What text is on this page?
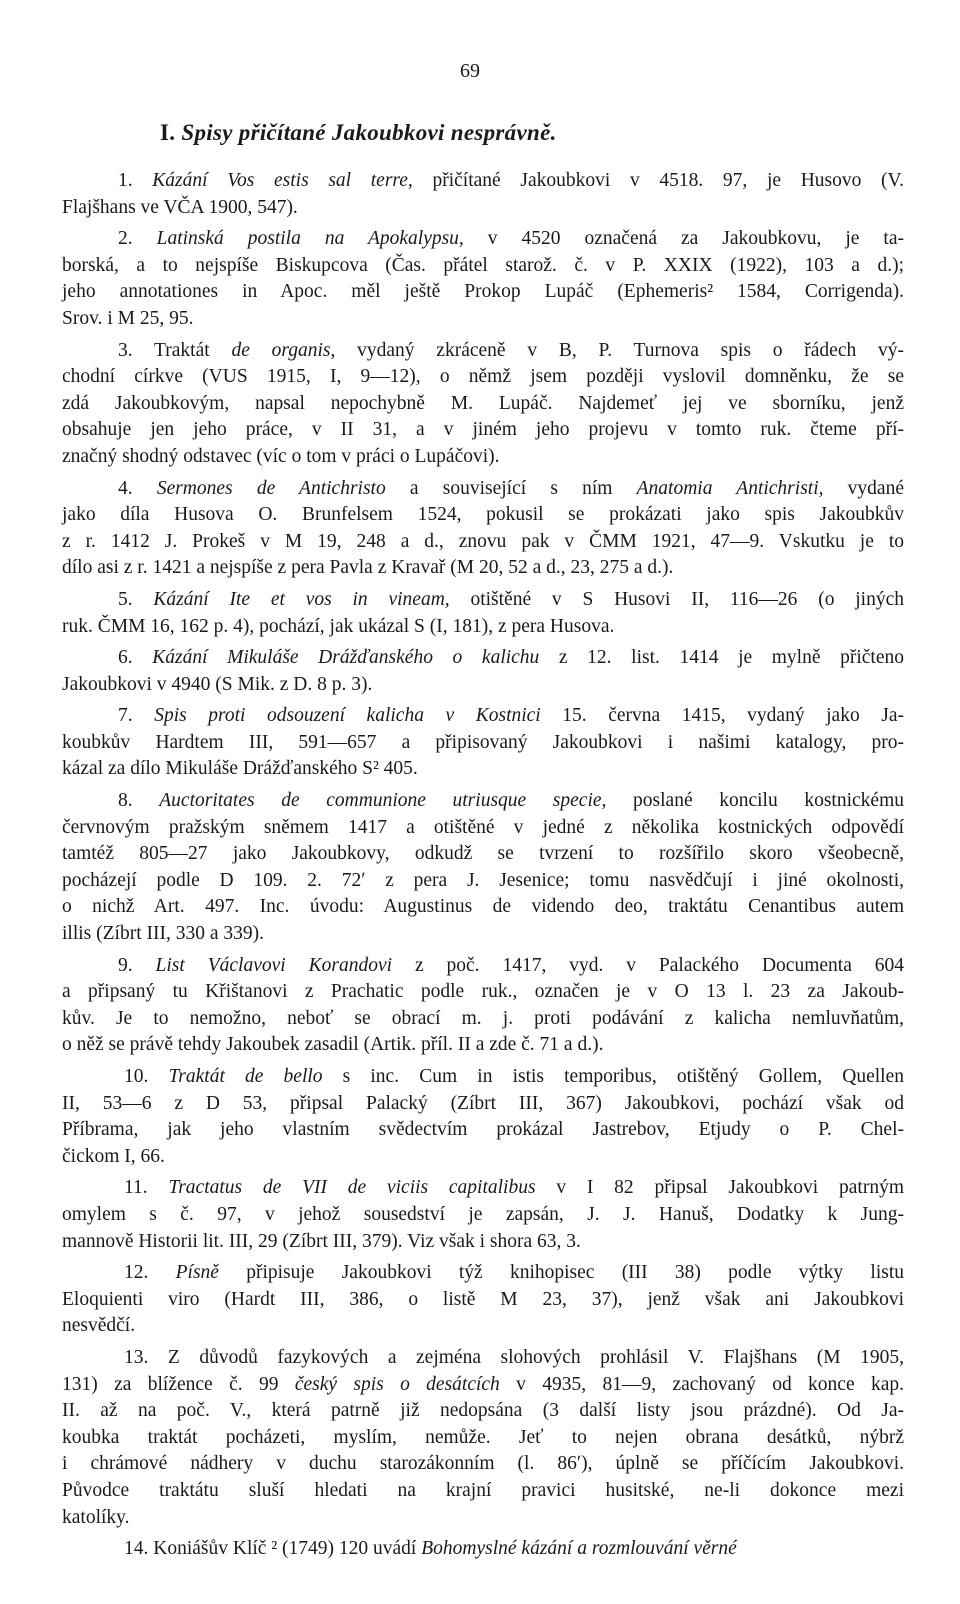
69
I. Spisy přičítané Jakoubkovi nesprávně.
1. Kázání Vos estis sal terre, přičítané Jakoubkovi v 4518. 97, je Husovo (V.
Flajšhans ve VČA 1900, 547).
2. Latinská postila na Apokalypsu, v 4520 označená za Jakoubkovu, je ta-
borská, a to nejspíše Biskupcova (Čas. přátel starož. č. v P. XXIX (1922), 103 a d.);
jeho annotationes in Apoc. měl ještě Prokop Lupáč (Ephemeris² 1584, Corrigenda).
Srov. i M 25, 95.
3. Traktát de organis, vydaný zkráceně v B, P. Turnova spis o řádech vý-
chodní církve (VUS 1915, I, 9—12), o němž jsem později vyslovil domněnku, že se
zdá Jakoubkovým, napsal nepochybně M. Lupáč. Najdemeť jej ve sborníku, jenž
obsahuje jen jeho práce, v II 31, a v jiném jeho projevu v tomto ruk. čteme pří-
značný shodný odstavec (víc o tom v práci o Lupáčovi).
4. Sermones de Antichristo a související s ním Anatomia Antichristi, vydané
jako díla Husova O. Brunfelsem 1524, pokusil se prokázati jako spis Jakoubkův
z r. 1412 J. Prokeš v M 19, 248 a d., znovu pak v ČMM 1921, 47—9. Vskutku je to
dílo asi z r. 1421 a nejspíše z pera Pavla z Kravař (M 20, 52 a d., 23, 275 a d.).
5. Kázání Ite et vos in vineam, otištěné v S Husovi II, 116—26 (o jiných
ruk. ČMM 16, 162 p. 4), pochází, jak ukázal S (I, 181), z pera Husova.
6. Kázání Mikuláše Drážďanského o kalichu z 12. list. 1414 je mylně přičteno
Jakoubkovi v 4940 (S Mik. z D. 8 p. 3).
7. Spis proti odsouzení kalicha v Kostnici 15. června 1415, vydaný jako Ja-
koubkův Hardtem III, 591—657 a připisovaný Jakoubkovi i našimi katalogy, pro-
kázal za dílo Mikuláše Drážďanského S² 405.
8. Auctoritates de communione utriusque specie, poslané koncilu kostnickému
červnovým pražským sněmem 1417 a otištěné v jedné z několika kostnických odpovědí
tamtéž 805—27 jako Jakoubkovy, odkudž se tvrzení to rozšířilo skoro všeobecně,
pocházejí podle D 109. 2. 72ʹ z pera J. Jesenice; tomu nasvědčují i jiné okolnosti,
o nichž Art. 497. Inc. úvodu: Augustinus de videndo deo, traktátu Cenantibus autem
illis (Zíbrt III, 330 a 339).
9. List Václavovi Korandovi z poč. 1417, vyd. v Palackého Documenta 604
a připsaný tu Křištanovi z Prachatic podle ruk., označen je v O 13 l. 23 za Jakoub-
kův. Je to nemožno, neboť se obrací m. j. proti podávání z kalicha nemluvňatům,
o něž se právě tehdy Jakoubek zasadil (Artik. příl. II a zde č. 71 a d.).
10. Traktát de bello s inc. Cum in istis temporibus, otištěný Gollem, Quellen
II, 53—6 z D 53, připsal Palacký (Zíbrt III, 367) Jakoubkovi, pochází však od
Příbrama, jak jeho vlastním svědectvím prokázal Jastrebov, Etjudy o P. Chel-
čickom I, 66.
11. Tractatus de VII de viciis capitalibus v I 82 připsal Jakoubkovi patrným
omylem s č. 97, v jehož sousedství je zapsán, J. J. Hanuš, Dodatky k Jung-
mannově Historii lit. III, 29 (Zíbrt III, 379). Viz však i shora 63, 3.
12. Písně připisuje Jakoubkovi týž knihopisec (III 38) podle výtky listu
Eloquienti viro (Hardt III, 386, o listě M 23, 37), jenž však ani Jakoubkovi
nesvědčí.
13. Z důvodů fazykových a zejména slohových prohlásil V. Flajšhans (M 1905,
131) za blížence č. 99 český spis o desátcích v 4935, 81—9, zachovaný od konce kap.
II. až na poč. V., která patrně již nedopsána (3 další listy jsou prázdné). Od Ja-
koubka traktát pocházeti, myslím, nemůže. Jeť to nejen obrana desátků, nýbrž
i chrámové nádhery v duchu starozákonním (l. 86ʹ), úplně se příčícím Jakoubkovi.
Původce traktátu sluší hledati na krajní pravici husitské, ne-li dokonce mezi
katolíky.
14. Koniášův Klíč ² (1749) 120 uvádí Bohomyslné kázání a rozmlouvání věrné
